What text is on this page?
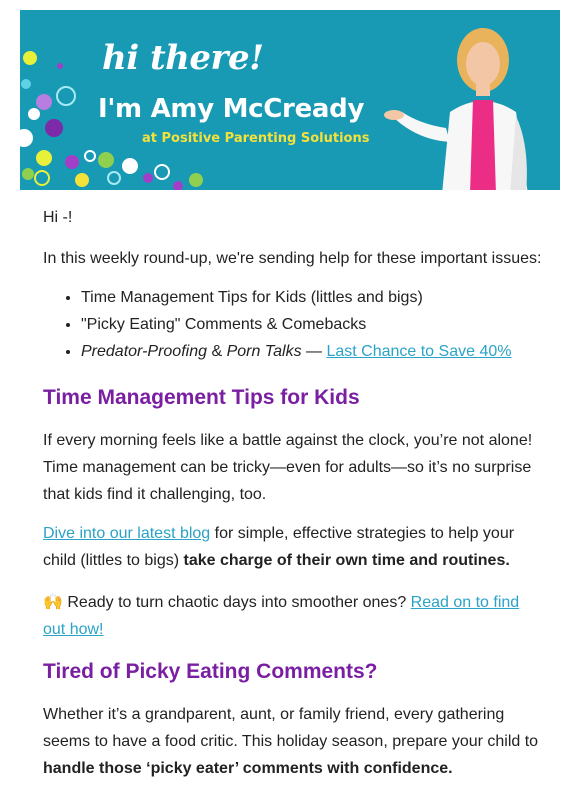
hi there!
I'm Amy McCready
at Positive Parenting Solutions

Hi -!

In this weekly round-up, we're sending help for these important issues:

• Time Management Tips for Kids (littles and bigs)
• "Picky Eating" Comments & Comebacks
• Predator-Proofing & Porn Talks — Last Chance to Save 40%
Time Management Tips for Kids

If every morning feels like a battle against the clock, you’re not alone! Time management can be tricky—even for adults—so it’s no surprise that kids find it challenging, too.

Dive into our latest blog for simple, effective strategies to help your child (littles to bigs) take charge of their own time and routines.

🙌 Ready to turn chaotic days into smoother ones? Read on to find out how!

Tired of Picky Eating Comments?

Whether it’s a grandparent, aunt, or family friend, every gathering seems to have a food critic. This holiday season, prepare your child to handle those ‘picky eater’ comments with confidence.
